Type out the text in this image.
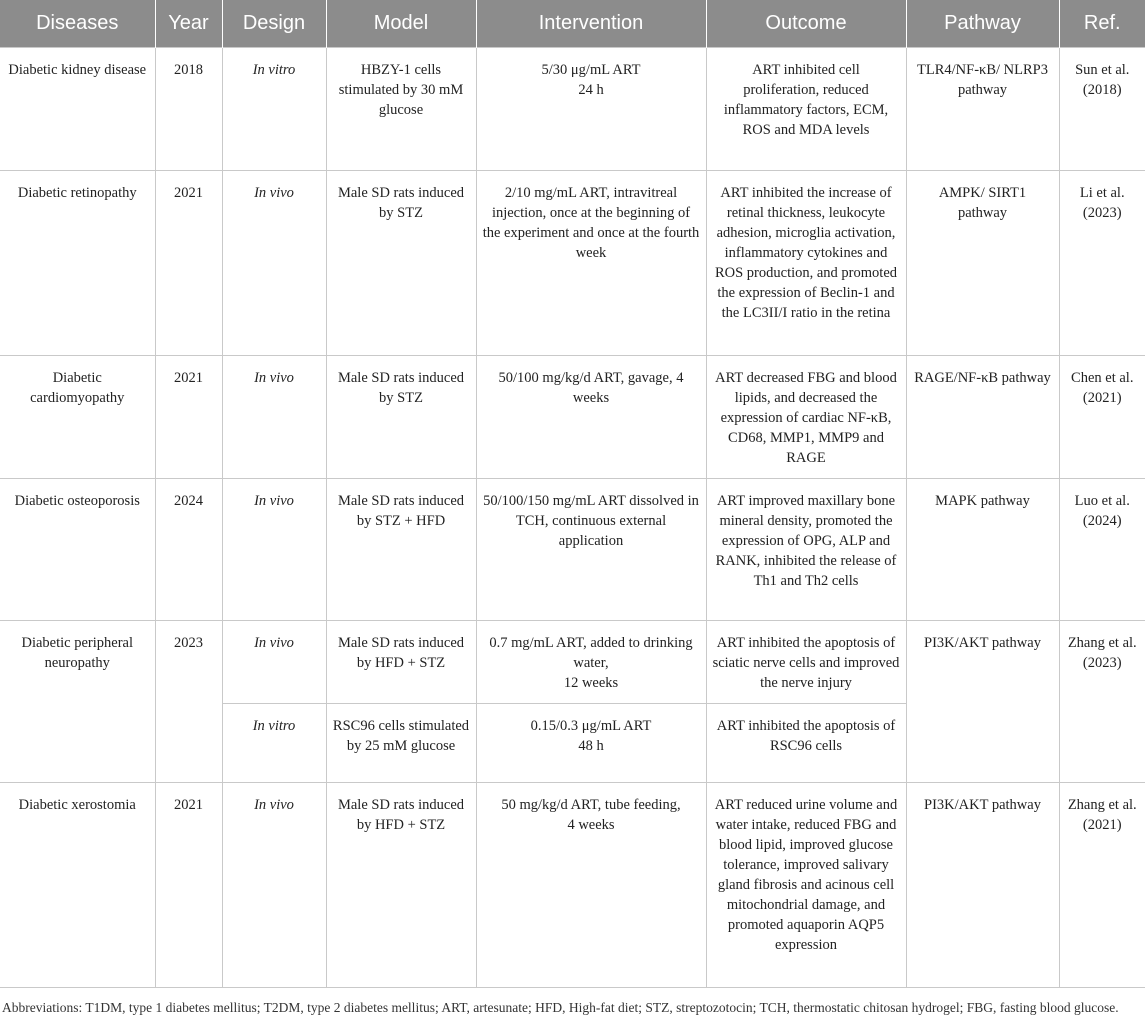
Diseases	Year	Design	Model	Intervention	Outcome	Pathway	Ref.
Diabetic kidney disease	2018	In vitro	HBZY-1 cells stimulated by 30 mM glucose	5/30 μg/mL ART
24 h	ART inhibited cell proliferation, reduced inflammatory factors, ECM, ROS and MDA levels	TLR4/NF-κB/ NLRP3 pathway	Sun et al. (2018)
Diabetic retinopathy	2021	In vivo	Male SD rats induced by STZ	2/10 mg/mL ART, intravitreal injection, once at the beginning of the experiment and once at the fourth week	ART inhibited the increase of retinal thickness, leukocyte adhesion, microglia activation, inflammatory cytokines and ROS production, and promoted the expression of Beclin-1 and the LC3II/I ratio in the retina	AMPK/ SIRT1 pathway	Li et al. (2023)
Diabetic cardiomyopathy	2021	In vivo	Male SD rats induced by STZ	50/100 mg/kg/d ART, gavage, 4 weeks	ART decreased FBG and blood lipids, and decreased the expression of cardiac NF-κB, CD68, MMP1, MMP9 and RAGE	RAGE/NF-κB pathway	Chen et al. (2021)
Diabetic osteoporosis	2024	In vivo	Male SD rats induced by STZ + HFD	50/100/150 mg/mL ART dissolved in TCH, continuous external application	ART improved maxillary bone mineral density, promoted the expression of OPG, ALP and RANK, inhibited the release of Th1 and Th2 cells	MAPK pathway	Luo et al. (2024)
Diabetic peripheral neuropathy	2023	In vivo	Male SD rats induced by HFD + STZ	0.7 mg/mL ART, added to drinking water,
12 weeks	ART inhibited the apoptosis of sciatic nerve cells and improved the nerve injury	PI3K/AKT pathway	Zhang et al. (2023)
		In vitro	RSC96 cells stimulated by 25 mM glucose	0.15/0.3 μg/mL ART
48 h	ART inhibited the apoptosis of RSC96 cells		
Diabetic xerostomia	2021	In vivo	Male SD rats induced by HFD + STZ	50 mg/kg/d ART, tube feeding,
4 weeks	ART reduced urine volume and water intake, reduced FBG and blood lipid, improved glucose tolerance, improved salivary gland fibrosis and acinous cell mitochondrial damage, and promoted aquaporin AQP5 expression	PI3K/AKT pathway	Zhang et al. (2021)
Abbreviations: T1DM, type 1 diabetes mellitus; T2DM, type 2 diabetes mellitus; ART, artesunate; HFD, High-fat diet; STZ, streptozotocin; TCH, thermostatic chitosan hydrogel; FBG, fasting blood glucose.
